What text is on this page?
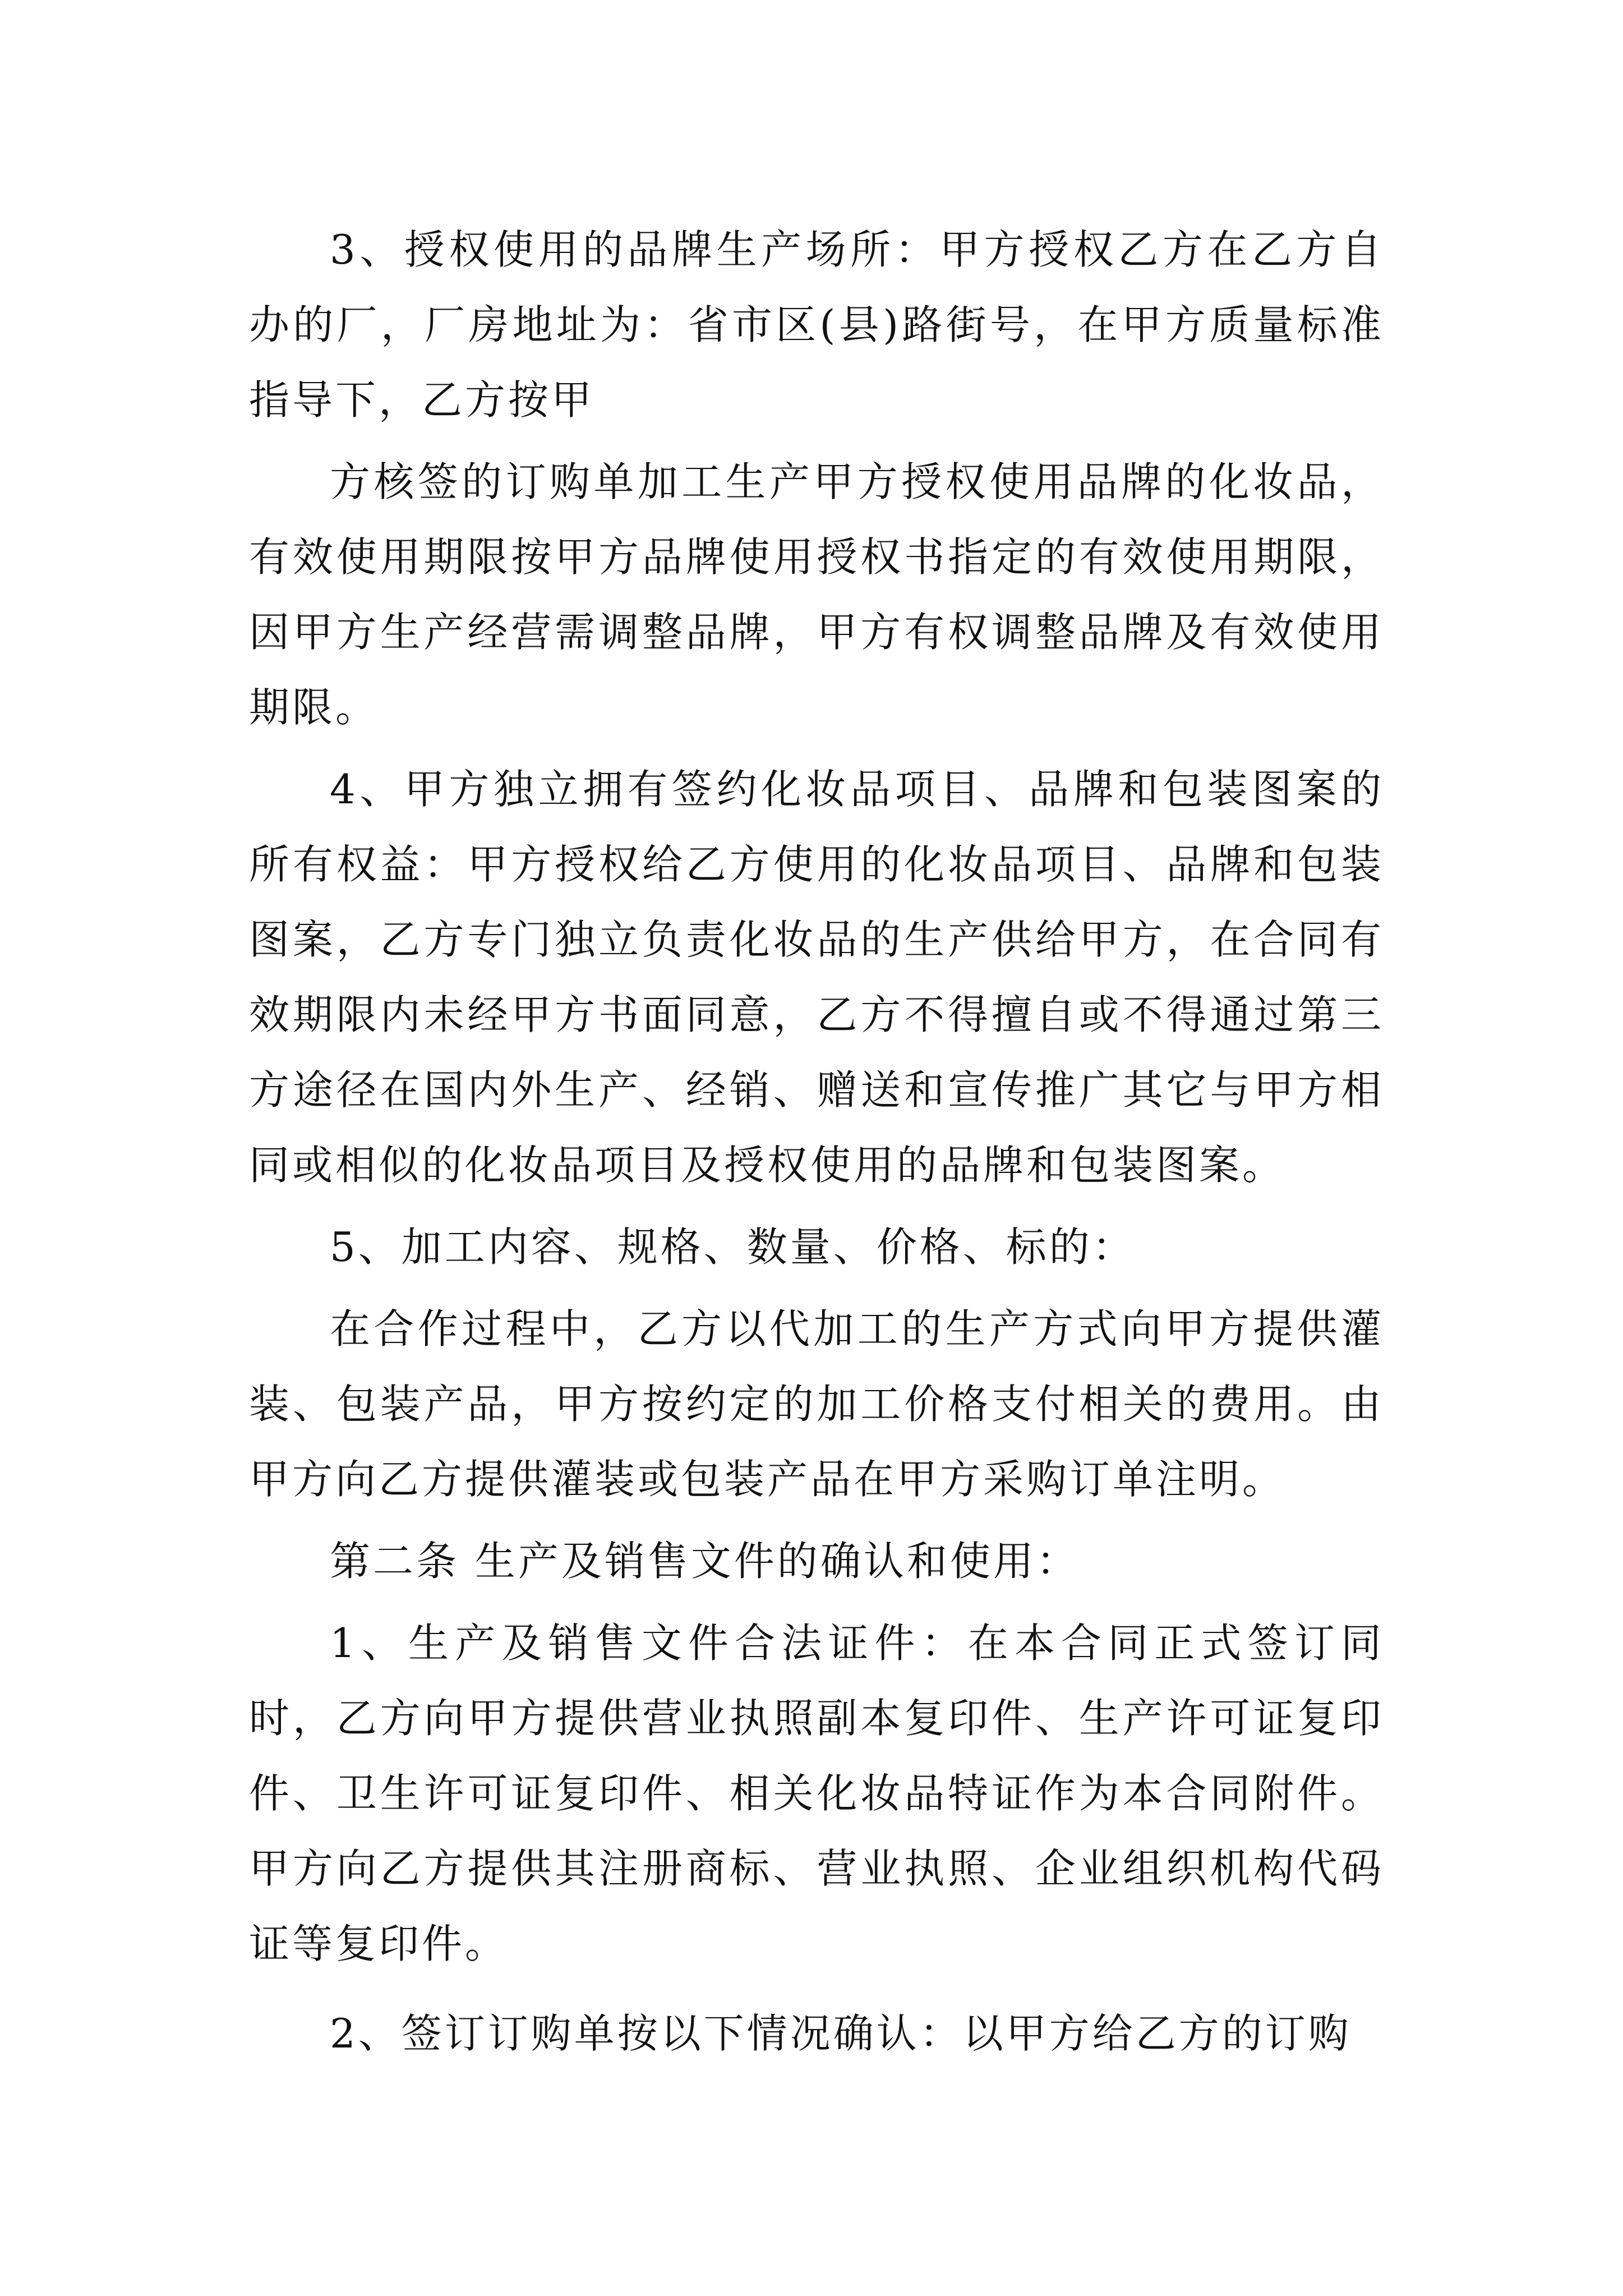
3、授权使用的品牌生产场所：甲方授权乙方在乙方自办的厂，厂房地址为：省市区(县)路街号，在甲方质量标准指导下，乙方按甲

方核签的订购单加工生产甲方授权使用品牌的化妆品，有效使用期限按甲方品牌使用授权书指定的有效使用期限，因甲方生产经营需调整品牌，甲方有权调整品牌及有效使用期限。

4、甲方独立拥有签约化妆品项目、品牌和包装图案的所有权益：甲方授权给乙方使用的化妆品项目、品牌和包装图案，乙方专门独立负责化妆品的生产供给甲方，在合同有效期限内未经甲方书面同意，乙方不得擅自或不得通过第三方途径在国内外生产、经销、赠送和宣传推广其它与甲方相同或相似的化妆品项目及授权使用的品牌和包装图案。

5、加工内容、规格、数量、价格、标的：

在合作过程中，乙方以代加工的生产方式向甲方提供灌装、包装产品，甲方按约定的加工价格支付相关的费用。由甲方向乙方提供灌装或包装产品在甲方采购订单注明。

第二条 生产及销售文件的确认和使用：

1、生产及销售文件合法证件：在本合同正式签订同时，乙方向甲方提供营业执照副本复印件、生产许可证复印件、卫生许可证复印件、相关化妆品特证作为本合同附件。甲方向乙方提供其注册商标、营业执照、企业组织机构代码证等复印件。

2、签订订购单按以下情况确认：以甲方给乙方的订购
